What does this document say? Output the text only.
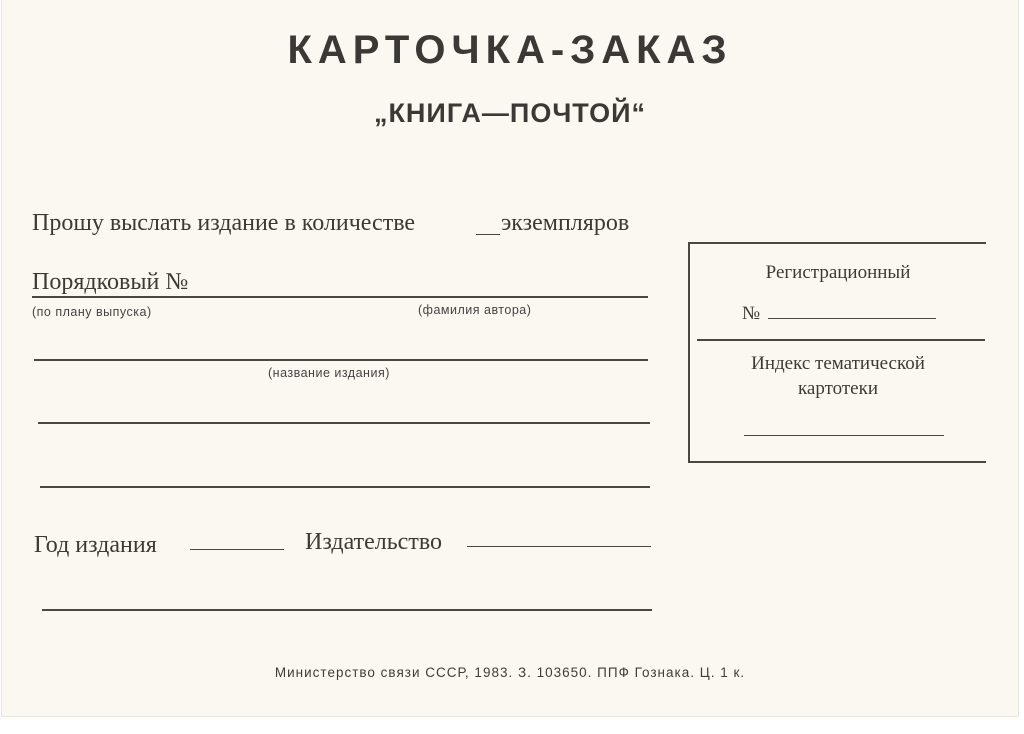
КАРТОЧКА-ЗАКАЗ
„КНИГА—ПОЧТОЙ“
Прошу выслать издание в количестве	экземпляров
Порядковый №
(по плану выпуска)	(фамилия автора)
(название издания)
Год издания	Издательство
Регистрационный
№
Индекс тематической
картотеки
Министерство связи СССР, 1983. З. 103650. ППФ Гознака. Ц. 1 к.
